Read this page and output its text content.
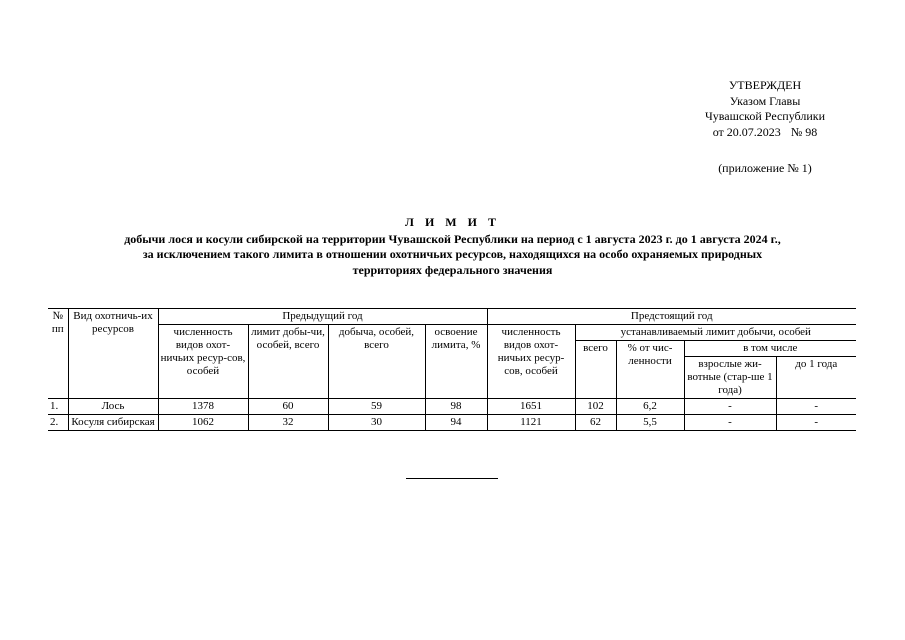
УТВЕРЖДЕН
Указом Главы
Чувашской Республики
от 20.07.2023 № 98
(приложение № 1)
Л И М И Т
добычи лося и косули сибирской на территории Чувашской Республики на период с 1 августа 2023 г. до 1 августа 2024 г.,
за исключением такого лимита в отношении охотничьих ресурсов, находящихся на особо охраняемых природных
территориях федерального значения
№ пп	Вид охотничь-их ресурсов	Предыдущий год				Предстоящий год				
		численность видов охот-ничьих ресур-сов, особей	лимит добы-чи, особей, всего	добыча, особей, всего	освоение лимита, %	численность видов охот-ничьих ресур-сов, особей	устанавливаемый лимит добычи, особей			
							всего	% от чис-ленности	в том числе	
									взрослые жи-вотные (стар-ше 1 года)	до 1 года
1.	Лось	1378	60	59	98	1651	102	6,2	-	-
2.	Косуля сибирская	1062	32	30	94	1121	62	5,5	-	-
